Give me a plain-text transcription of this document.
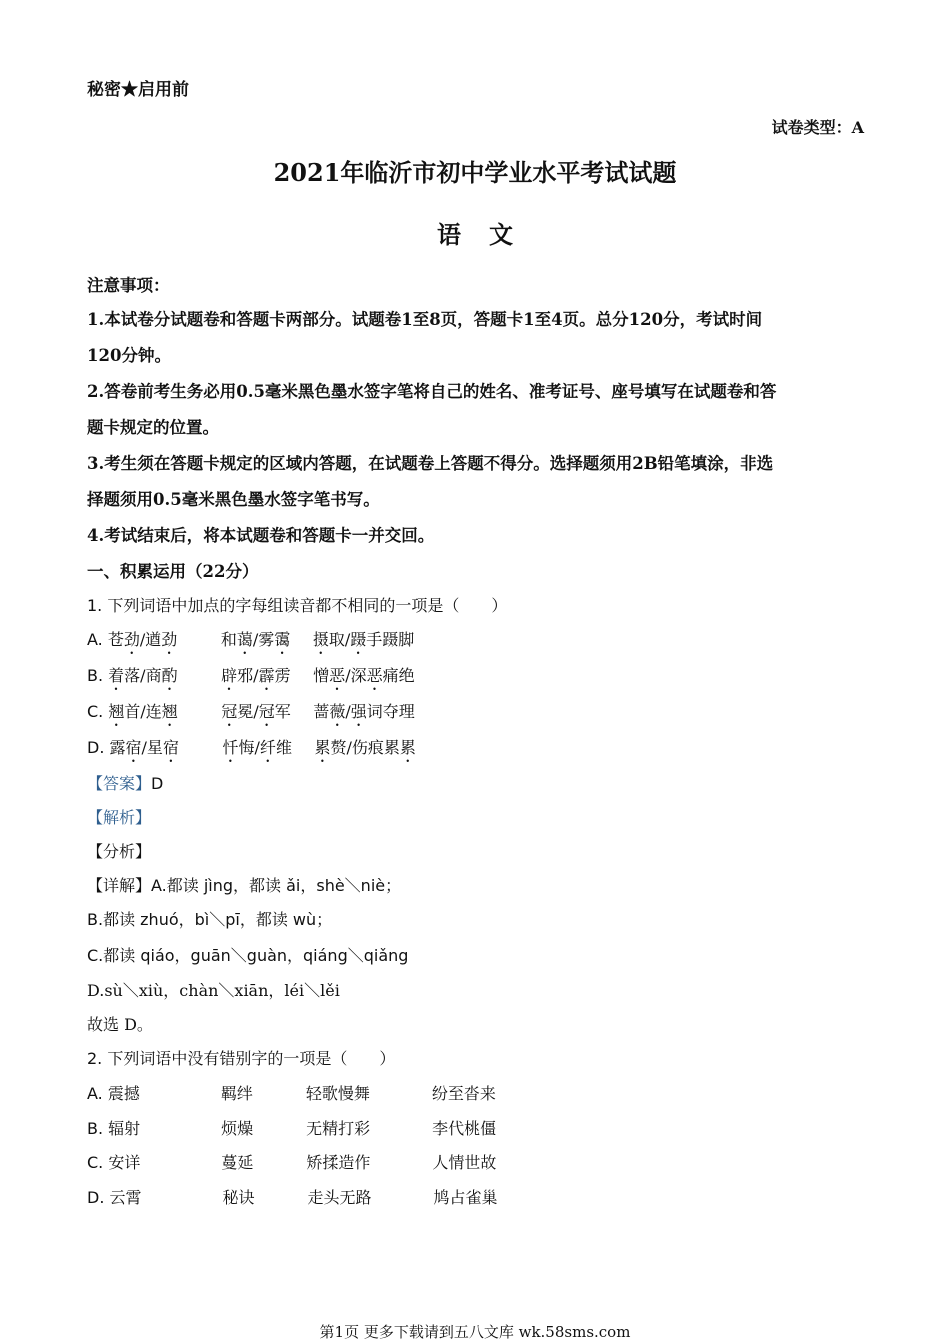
秘密★启用前
试卷类型：A
2021年临沂市初中学业水平考试试题
语文
注意事项：
1.本试卷分试题卷和答题卡两部分。试题卷1至8页，答题卡1至4页。总分120分，考试时间
120分钟。
2.答卷前考生务必用0.5毫米黑色墨水签字笔将自己的姓名、准考证号、座号填写在试题卷和答
题卡规定的位置。
3.考生须在答题卡规定的区域内答题，在试题卷上答题不得分。选择题须用2B铅笔填涂，非选
择题须用0.5毫米黑色墨水签字笔书写。
4.考试结束后，将本试题卷和答题卡一并交回。
一、积累运用（22分）
1. 下列词语中加点的字每组读音都不相同的一项是（　　）
A. 苍劲/遒劲	和蔼/雾霭 摄取/蹑手蹑脚
B. 着落/商酌	辟邪/霹雳 憎恶/深恶痛绝
C. 翘首/连翘	冠冕/冠军 蔷薇/强词夺理
D. 露宿/星宿	忏悔/纤维 累赘/伤痕累累
【答案】D
【解析】
【分析】
【详解】A.都读 jìng，都读 ǎi，shè＼niè；
B.都读 zhuó，bì＼pī，都读 wù；
C.都读 qiáo，guān＼guàn，qiáng＼qiǎng
D.sù＼xiù，chàn＼xiān，léi＼lěi
故选 D。
2. 下列词语中没有错别字的一项是（　　）
A. 震撼	羁绊	轻歌慢舞	纷至沓来
B. 辐射	烦燥	无精打彩	李代桃僵
C. 安详	蔓延	矫揉造作	人情世故
D. 云霄	秘诀	走头无路	鸠占雀巢
第1页 更多下载请到五八文库 wk.58sms.com
